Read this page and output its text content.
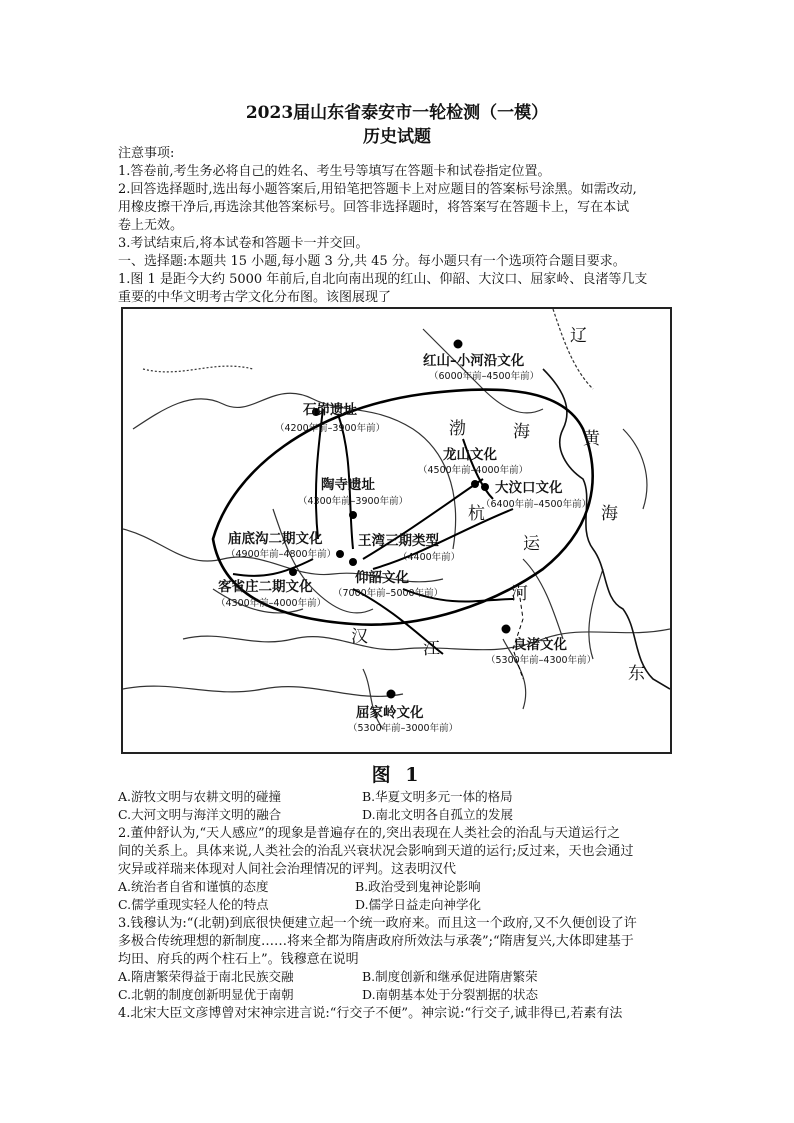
2023届山东省泰安市一轮检测（一模）
历史试题
注意事项:
1.答卷前,考生务必将自己的姓名、考生号等填写在答题卡和试卷指定位置。
2.回答选择题时,选出每小题答案后,用铅笔把答题卡上对应题目的答案标号涂黑。如需改动,
用橡皮擦干净后,再选涂其他答案标号。回答非选择题时，将答案写在答题卡上，写在本试
卷上无效。
3.考试结束后,将本试卷和答题卡一并交回。
一、选择题:本题共 15 小题,每小题 3 分,共 45 分。每小题只有一个选项符合题目要求。
1.图 1 是距今大约 5000 年前后,自北向南出现的红山、仰韶、大汶口、屈家岭、良渚等几支
重要的中华文明考古学文化分布图。该图展现了
红山–小河沿文化
（6000年前–4500年前）
石峁遗址
（4200年前–3900年前）
龙山文化
（4500年前–4000年前）
大汶口文化
（6400年前–4500年前）
陶寺遗址
（4300年前–3900年前）
庙底沟二期文化
（4900年前–4800年前）
王湾三期类型
（4400年前）
客省庄二期文化
（4300年前–4000年前）
仰韶文化
（7000年前–5000年前）
良渚文化
（5300年前–4300年前）
屈家岭文化
（5300年前–3000年前）
辽
渤	海	黄
海
运
河
东
杭
汉
江
图 1
A.游牧文明与农耕文明的碰撞	B.华夏文明多元一体的格局
C.大河文明与海洋文明的融合	D.南北文明各自孤立的发展
2.董仲舒认为,“天人感应”的现象是普遍存在的,突出表现在人类社会的治乱与天道运行之
间的关系上。具体来说,人类社会的治乱兴衰状况会影响到天道的运行;反过来，天也会通过
灾异或祥瑞来体现对人间社会治理情况的评判。这表明汉代
A.统治者自省和谨慎的态度	B.政治受到鬼神论影响
C.儒学重现实轻人伦的特点	D.儒学日益走向神学化
3.钱穆认为:“(北朝)到底很快便建立起一个统一政府来。而且这一个政府,又不久便创设了许
多极合传统理想的新制度……将来全都为隋唐政府所效法与承袭”;“隋唐复兴,大体即建基于
均田、府兵的两个柱石上”。钱穆意在说明
A.隋唐繁荣得益于南北民族交融	B.制度创新和继承促进隋唐繁荣
C.北朝的制度创新明显优于南朝	D.南朝基本处于分裂割据的状态
4.北宋大臣文彦博曾对宋神宗进言说:“行交子不便”。神宗说:“行交子,诚非得已,若素有法
